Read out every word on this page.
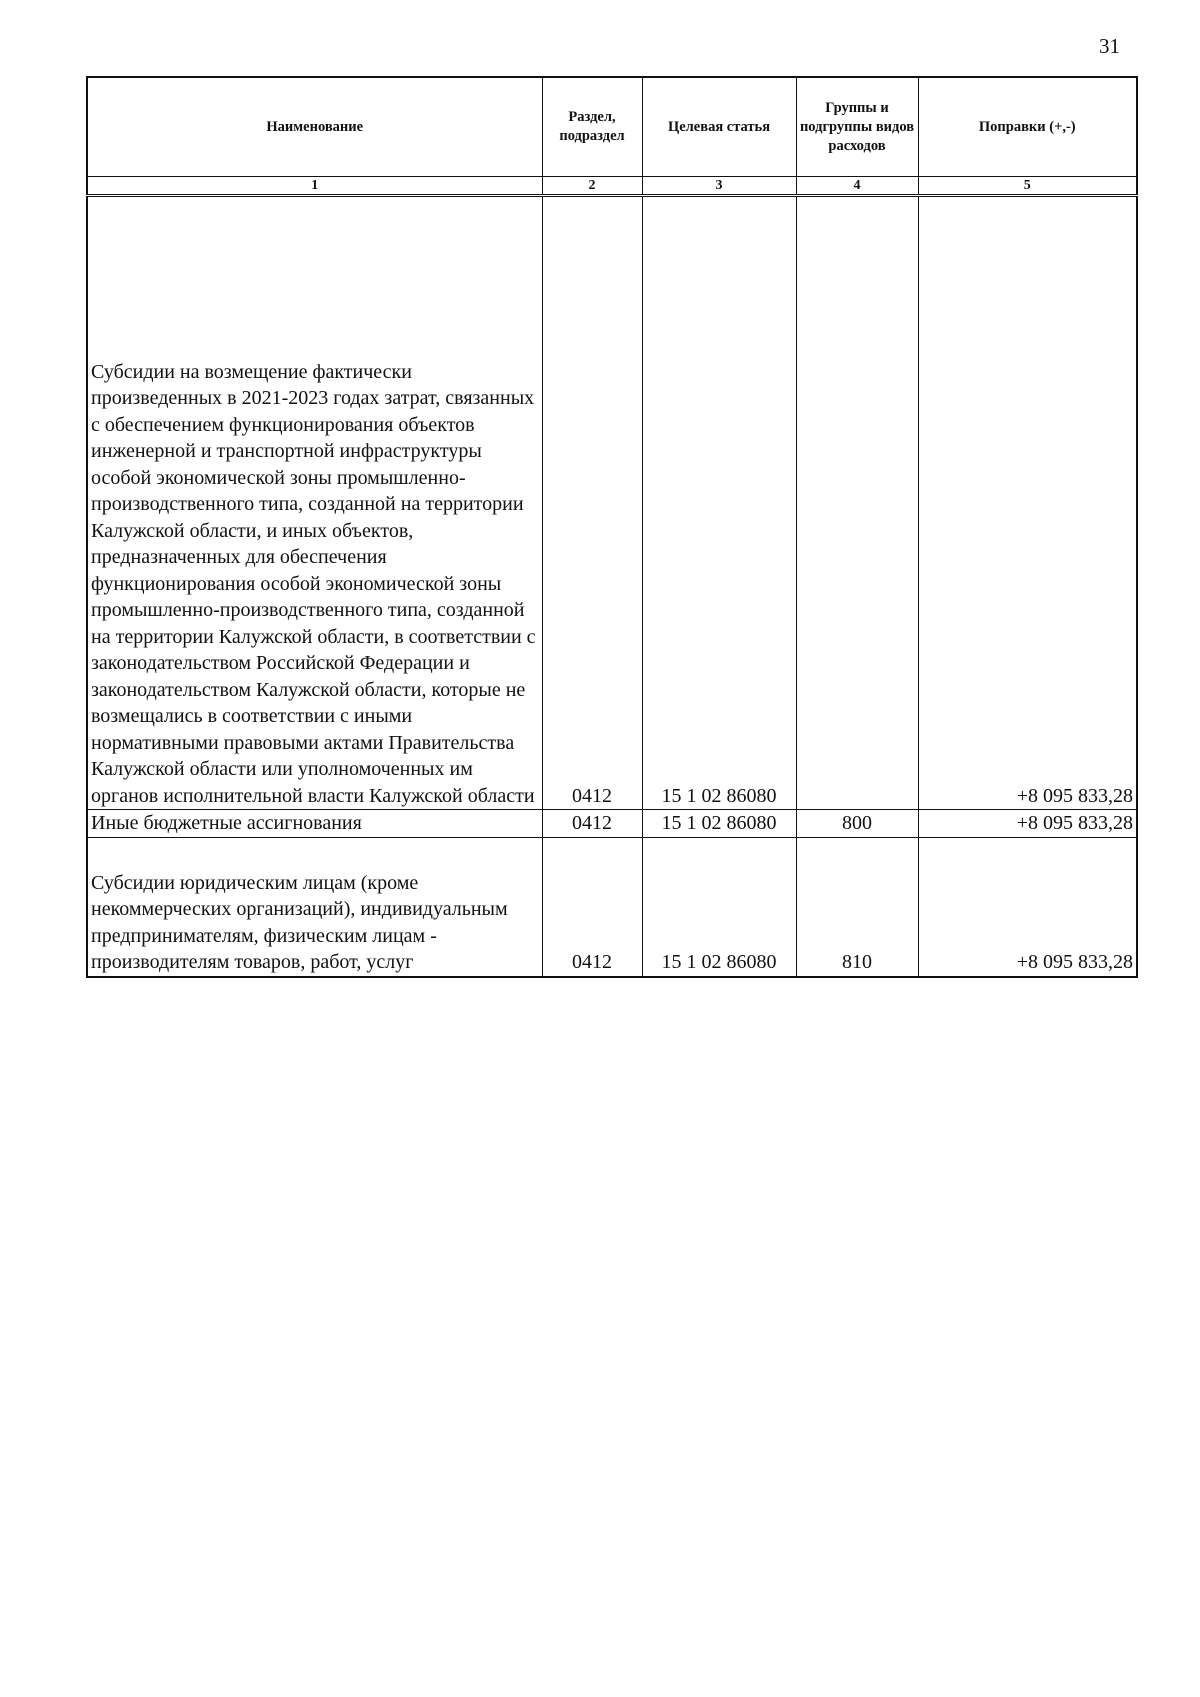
31
Наименование	Раздел, подраздел	Целевая статья	Группы и подгруппы видов расходов	Поправки (+,-)
1	2	3	4	5
Субсидии на возмещение фактически произведенных в 2021-2023 годах затрат, связанных с обеспечением функционирования объектов инженерной и транспортной инфраструктуры особой экономической зоны промышленно-производственного типа, созданной на территории Калужской области, и иных объектов, предназначенных для обеспечения функционирования особой экономической зоны промышленно-производственного типа, созданной на территории Калужской области, в соответствии с законодательством Российской Федерации и законодательством Калужской области, которые не возмещались в соответствии с иными нормативными правовыми актами Правительства Калужской области или уполномоченных им органов исполнительной власти Калужской области	0412	15 1 02 86080		+8 095 833,28
Иные бюджетные ассигнования	0412	15 1 02 86080	800	+8 095 833,28
Субсидии юридическим лицам (кроме некоммерческих организаций), индивидуальным предпринимателям, физическим лицам - производителям товаров, работ, услуг	0412	15 1 02 86080	810	+8 095 833,28
